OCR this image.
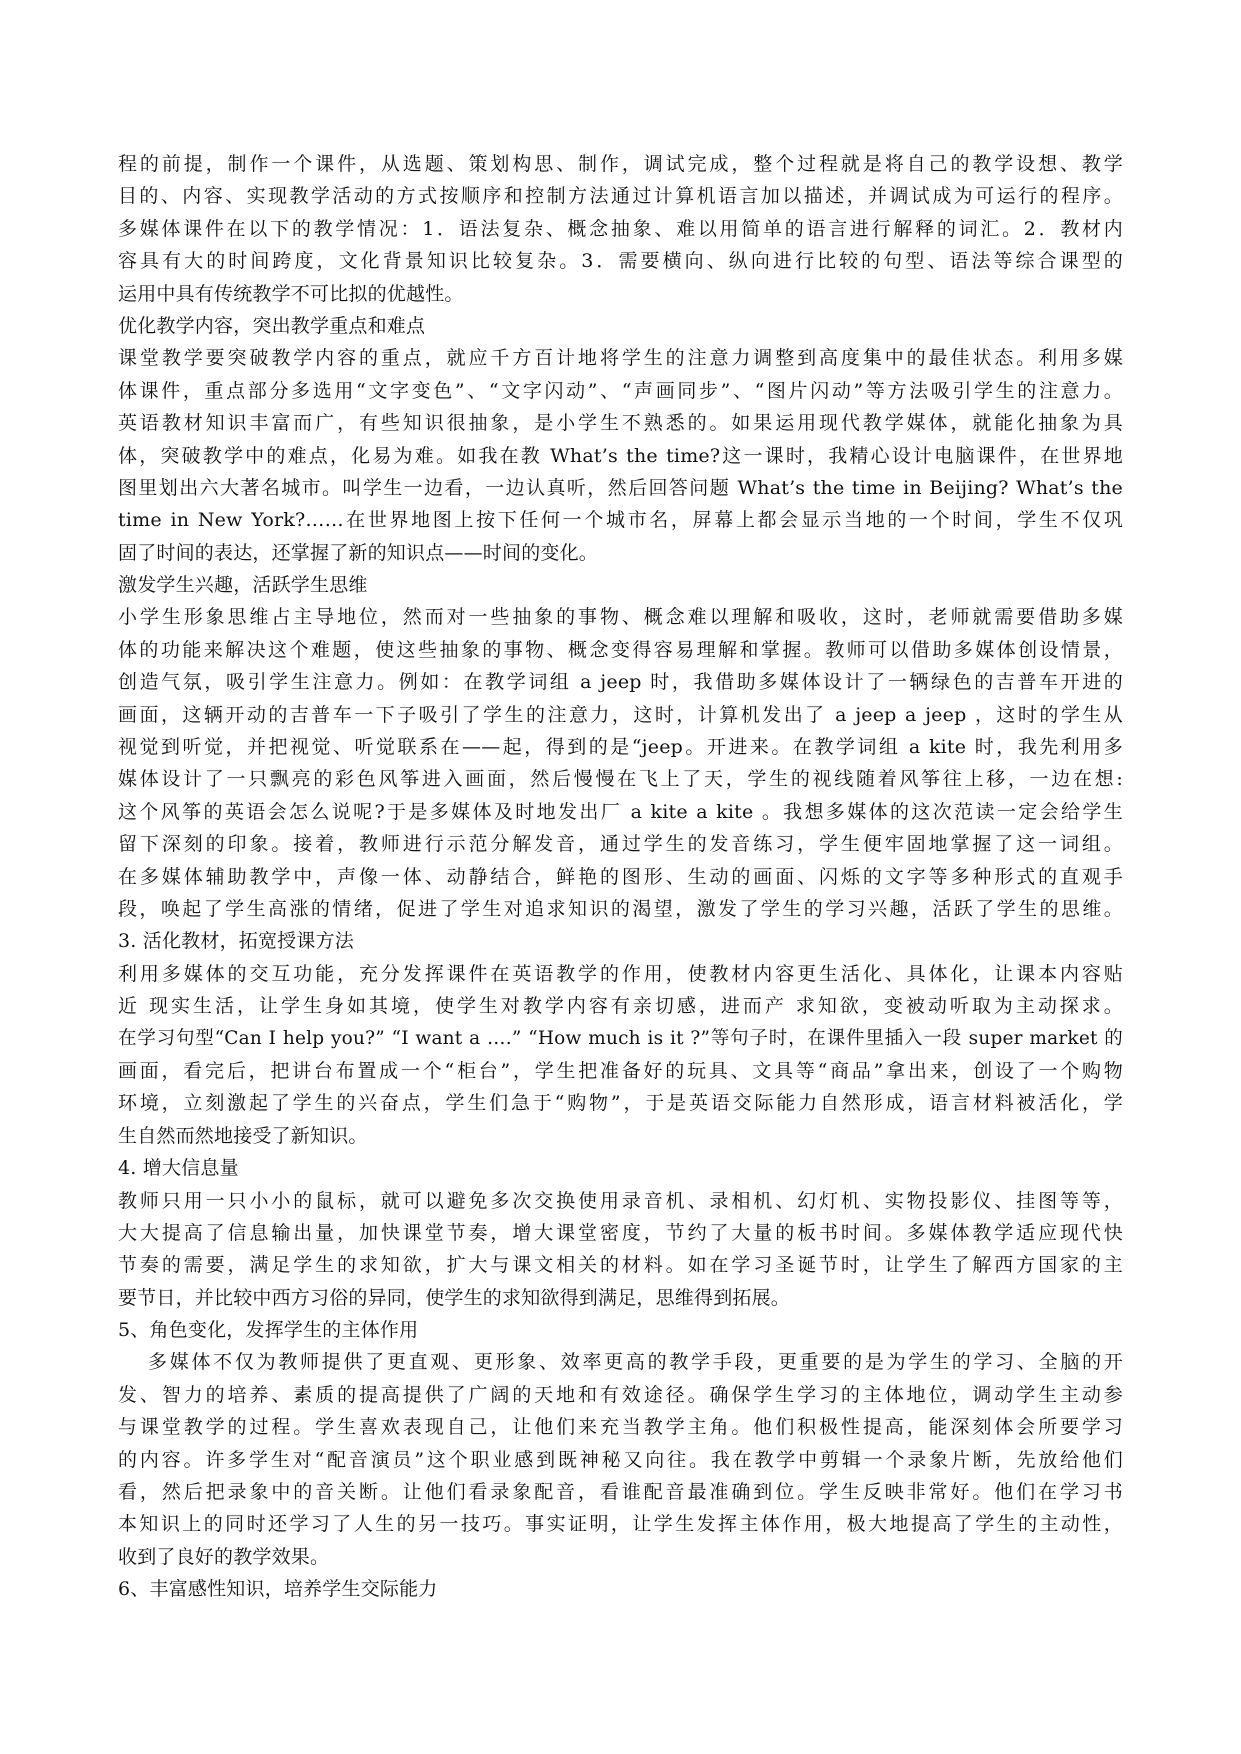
程的前提，制作一个课件，从选题、策划构思、制作，调试完成，整个过程就是将自己的教学设想、教学
目的、内容、实现教学活动的方式按顺序和控制方法通过计算机语言加以描述，并调试成为可运行的程序。
多媒体课件在以下的教学情况：1．语法复杂、概念抽象、难以用简单的语言进行解释的词汇。2．教材内
容具有大的时间跨度，文化背景知识比较复杂。3．需要横向、纵向进行比较的句型、语法等综合课型的
运用中具有传统教学不可比拟的优越性。
优化教学内容，突出教学重点和难点
课堂教学要突破教学内容的重点，就应千方百计地将学生的注意力调整到高度集中的最佳状态。利用多媒
体课件，重点部分多选用“文字变色”、“文字闪动”、“声画同步”、“图片闪动”等方法吸引学生的注意力。
英语教材知识丰富而广，有些知识很抽象，是小学生不熟悉的。如果运用现代教学媒体，就能化抽象为具
体，突破教学中的难点，化易为难。如我在教 What’s the time?这一课时，我精心设计电脑课件，在世界地
图里划出六大著名城市。叫学生一边看，一边认真听，然后回答问题 What’s the time in Beijing? What’s the
time in New York?……在世界地图上按下任何一个城市名，屏幕上都会显示当地的一个时间，学生不仅巩
固了时间的表达，还掌握了新的知识点——时间的变化。
激发学生兴趣，活跃学生思维
小学生形象思维占主导地位，然而对一些抽象的事物、概念难以理解和吸收，这时，老师就需要借助多媒
体的功能来解决这个难题，使这些抽象的事物、概念变得容易理解和掌握。教师可以借助多媒体创设情景，
创造气氛，吸引学生注意力。例如：在教学词组 a jeep 时，我借助多媒体设计了一辆绿色的吉普车开进的
画面，这辆开动的吉普车一下子吸引了学生的注意力，这时，计算机发出了 a jeep a jeep ，这时的学生从
视觉到听觉，并把视觉、听觉联系在——起，得到的是“jeep。开进来。在教学词组 a kite 时，我先利用多
媒体设计了一只飘亮的彩色风筝进入画面，然后慢慢在飞上了天，学生的视线随着风筝往上移，一边在想:
这个风筝的英语会怎么说呢?于是多媒体及时地发出厂 a kite a kite 。我想多媒体的这次范读一定会给学生
留下深刻的印象。接着，教师进行示范分解发音，通过学生的发音练习，学生便牢固地掌握了这一词组。
在多媒体辅助教学中，声像一体、动静结合，鲜艳的图形、生动的画面、闪烁的文字等多种形式的直观手
段，唤起了学生高涨的情绪，促进了学生对追求知识的渴望，激发了学生的学习兴趣，活跃了学生的思维。
3. 活化教材，拓宽授课方法
利用多媒体的交互功能，充分发挥课件在英语教学的作用，使教材内容更生活化、具体化，让课本内容贴
近 现实生活，让学生身如其境，使学生对教学内容有亲切感，进而产 求知欲，变被动听取为主动探求。
在学习句型“Can I help you?” “I want a ….” “How much is it ?”等句子时，在课件里插入一段 super market 的
画面，看完后，把讲台布置成一个“柜台”，学生把准备好的玩具、文具等“商品”拿出来，创设了一个购物
环境，立刻激起了学生的兴奋点，学生们急于“购物”，于是英语交际能力自然形成，语言材料被活化，学
生自然而然地接受了新知识。
4. 增大信息量
教师只用一只小小的鼠标，就可以避免多次交换使用录音机、录相机、幻灯机、实物投影仪、挂图等等，
大大提高了信息输出量，加快课堂节奏，增大课堂密度，节约了大量的板书时间。多媒体教学适应现代快
节奏的需要，满足学生的求知欲，扩大与课文相关的材料。如在学习圣诞节时，让学生了解西方国家的主
要节日，并比较中西方习俗的异同，使学生的求知欲得到满足，思维得到拓展。
5、角色变化，发挥学生的主体作用
多媒体不仅为教师提供了更直观、更形象、效率更高的教学手段，更重要的是为学生的学习、全脑的开
发、智力的培养、素质的提高提供了广阔的天地和有效途径。确保学生学习的主体地位，调动学生主动参
与课堂教学的过程。学生喜欢表现自己，让他们来充当教学主角。他们积极性提高，能深刻体会所要学习
的内容。许多学生对“配音演员”这个职业感到既神秘又向往。我在教学中剪辑一个录象片断，先放给他们
看，然后把录象中的音关断。让他们看录象配音，看谁配音最准确到位。学生反映非常好。他们在学习书
本知识上的同时还学习了人生的另一技巧。事实证明，让学生发挥主体作用，极大地提高了学生的主动性，
收到了良好的教学效果。
6、丰富感性知识，培养学生交际能力
